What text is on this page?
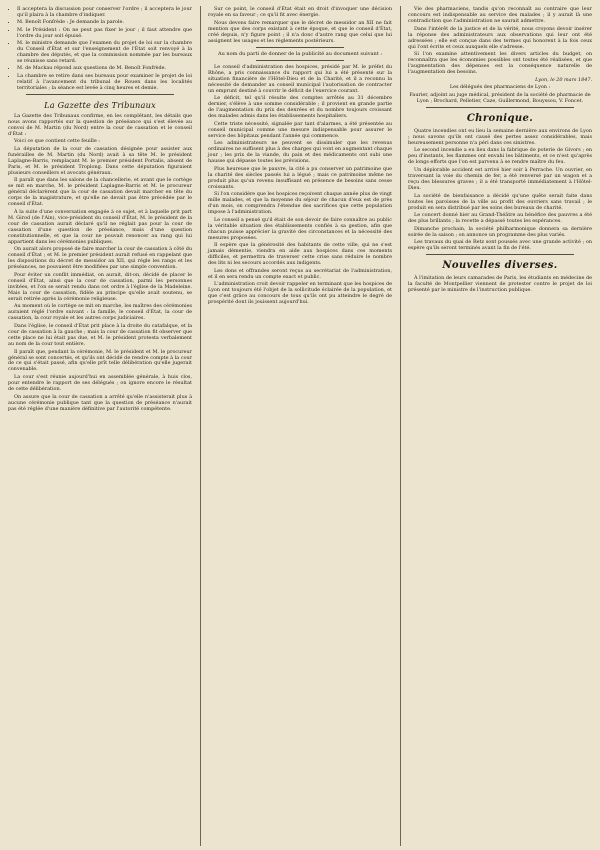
• Il acceptera la discussion pour conserver l'ordre ; il acceptera le jour qu'il plaira à la chambre d'indiquer.
• M. Benoît Fonfrède : Je demande la parole.
• M. le Président : On ne peut pas fixer le jour ; il faut attendre que l'ordre du jour soit épuisé.
• M. le ministre demande que l'examen du projet de loi sur la chambre du Conseil d'État et sur l'enseignement de l'État soit renvoyé à la chambre des députés, et que la commission nommée par les bureaux se réunisse sans retard.
• M. de Mackau répond aux questions de M. Benoît Fonfrède.
• La chambre se retire dans ses bureaux pour examiner le projet de loi relatif à l'avancement du tribunal de Rouen dans les localités territoriales ; la séance est levée à cinq heures et demie.
La Gazette des Tribunaux

La Gazette des Tribunaux confirme, en les complétant, les détails que nous avons rapportés sur la question de préséance qui s'est élevée au convoi de M. Martin (du Nord) entre la cour de cassation et le conseil d'État :

Voici ce que contient cette feuille :

La députation de la cour de cassation désignée pour assister aux funérailles de M. Martin (du Nord) avait à sa tête M. le président Laplagne-Barris, remplaçant M. le premier président Portalis, absent de Paris, et M. le président Troplong. Dans cette députation figuraient plusieurs conseillers et avocats généraux.

Il paraît que dans les salons de la chancellerie, et avant que le cortège se mit en marche, M. le président Laplagne-Barris et M. le procureur général déclarèrent que la cour de cassation devait marcher en tête du corps de la magistrature, et qu'elle ne devait pas être précédée par le conseil d'État.

À la suite d'une conversation engagée à ce sujet, et à laquelle prit part M. Girod (de l'Ain), vice-président du conseil d'État, M. le président de la cour de cassation aurait déclaré qu'il ne réglait pas pour la cour de cassation d'une question de préséance, mais d'une question constitutionnelle, et que la cour ne pouvait renoncer au rang qui lui appartient dans les cérémonies publiques.

On aurait alors proposé de faire marcher la cour de cassation à côté du conseil d'État ; et M. le premier président aurait refusé en rappelant que les dispositions du décret de messidor an XII, qui règle les rangs et les préséances, ne pouvaient être modifiées par une simple convention.

Pour éviter un conflit immédiat, on aurait, dit-on, décidé de placer le conseil d'État, ainsi que la cour de cassation, parmi les personnes invitées, et l'on se serait rendu dans cet ordre à l'église de la Madeleine. Mais la cour de cassation, fidèle au principe qu'elle avait soutenu, se serait retirée après la cérémonie religieuse.

Au moment où le cortège se mit en marche, les maîtres des cérémonies auraient réglé l'ordre suivant : la famille, le conseil d'État, la cour de cassation, la cour royale et les autres corps judiciaires.

Dans l'église, le conseil d'État prit place à la droite du catafalque, et la cour de cassation à la gauche ; mais la cour de cassation fit observer que cette place ne lui était pas due, et M. le président protesta verbalement au nom de la cour tout entière.

Il paraît que, pendant la cérémonie, M. le président et M. le procureur général se sont concertés, et qu'ils ont décidé de rendre compte à la cour de ce qui s'était passé, afin qu'elle prît telle délibération qu'elle jugerait convenable.

La cour s'est réunie aujourd'hui en assemblée générale, à huis clos, pour entendre le rapport de ses délégués ; on ignore encore le résultat de cette délibération.

On assure que la cour de cassation a arrêté qu'elle n'assisterait plus à aucune cérémonie publique tant que la question de préséance n'aurait pas été réglée d'une manière définitive par l'autorité compétente.

Sur ce point, le conseil d'État était en droit d'invoquer une décision royale en sa faveur ; ce qu'il fit avec énergie.

Nous devons faire remarquer que le décret de messidor an XII ne fait mention que des corps existant à cette époque, et que le conseil d'État, créé depuis, n'y figure point ; il n'a donc d'autre rang que celui que lui assignent les usages et les règlements postérieurs.

Au nom du parti de donner de la publicité au document suivant :

Le conseil d'administration des hospices, présidé par M. le préfet du Rhône, a pris connaissance du rapport qui lui a été présenté sur la situation financière de l'Hôtel-Dieu et de la Charité, et il a reconnu la nécessité de demander au conseil municipal l'autorisation de contracter un emprunt destiné à couvrir le déficit de l'exercice courant.

Le déficit, tel qu'il résulte des comptes arrêtés au 31 décembre dernier, s'élève à une somme considérable ; il provient en grande partie de l'augmentation du prix des denrées et du nombre toujours croissant des malades admis dans les établissements hospitaliers.

Cette triste nécessité, signalée par tant d'alarmes, a été présentée au conseil municipal comme une mesure indispensable pour assurer le service des hôpitaux pendant l'année qui commence.

Les administrateurs ne peuvent se dissimuler que les revenus ordinaires ne suffisent plus à des charges qui vont en augmentant chaque jour ; les prix de la viande, du pain et des médicaments ont subi une hausse qui dépasse toutes les prévisions.

Plus heureuse que le pauvre, la cité a pu conserver un patrimoine que la charité des siècles passés lui a légué ; mais ce patrimoine même ne produit plus qu'un revenu insuffisant en présence de besoins sans cesse croissants.

Si l'on considère que les hospices reçoivent chaque année plus de vingt mille malades, et que la moyenne du séjour de chacun d'eux est de près d'un mois, on comprendra l'étendue des sacrifices que cette population impose à l'administration.

Le conseil a pensé qu'il était de son devoir de faire connaître au public la véritable situation des établissements confiés à sa gestion, afin que chacun puisse apprécier la gravité des circonstances et la nécessité des mesures proposées.

Il espère que la générosité des habitants de cette ville, qui ne s'est jamais démentie, viendra en aide aux hospices dans ces moments difficiles, et permettra de traverser cette crise sans réduire le nombre des lits ni les secours accordés aux indigents.

Les dons et offrandes seront reçus au secrétariat de l'administration, et il en sera rendu un compte exact et public.

L'administration croit devoir rappeler en terminant que les hospices de Lyon ont toujours été l'objet de la sollicitude éclairée de la population, et que c'est grâce au concours de tous qu'ils ont pu atteindre le degré de prospérité dont ils jouissent aujourd'hui.

Vie des pharmaciens, tandis qu'on reconnaît au contraire que leur concours est indispensable au service des malades ; il y aurait là une contradiction que l'administration ne saurait admettre.

Dans l'intérêt de la justice et de la vérité, nous croyons devoir insérer la réponse des administrateurs aux observations qui leur ont été adressées ; elle est conçue dans des termes qui honorent à la fois ceux qui l'ont écrite et ceux auxquels elle s'adresse.

Si l'on examine attentivement les divers articles du budget, on reconnaîtra que les économies possibles ont toutes été réalisées, et que l'augmentation des dépenses est la conséquence naturelle de l'augmentation des besoins.

Lyon, le 20 mars 1847.

Les délégués des pharmaciens de Lyon :

Faurier, adjoint au juge médical, président de la société de pharmacie de Lyon ; Brochard, Pelletier, Caze, Guillermond, Bouyssou, V. Foncet.

Chronique.

Quatre incendies ont eu lieu la semaine dernière aux environs de Lyon ; nous savons qu'ils ont causé des pertes assez considérables, mais heureusement personne n'a péri dans ces sinistres.

Le second incendie a eu lieu dans la fabrique de poterie de Givors ; en peu d'instants, les flammes ont envahi les bâtiments, et ce n'est qu'après de longs efforts que l'on est parvenu à se rendre maître du feu.

Un déplorable accident est arrivé hier soir à Perrache. Un ouvrier, en traversant la voie du chemin de fer, a été renversé par un wagon et a reçu des blessures graves ; il a été transporté immédiatement à l'Hôtel-Dieu.

La société de bienfaisance a décidé qu'une quête serait faite dans toutes les paroisses de la ville au profit des ouvriers sans travail ; le produit en sera distribué par les soins des bureaux de charité.

Le concert donné hier au Grand-Théâtre au bénéfice des pauvres a été des plus brillants ; la recette a dépassé toutes les espérances.

Dimanche prochain, la société philharmonique donnera sa dernière soirée de la saison ; on annonce un programme des plus variés.

Les travaux du quai de Retz sont poussés avec une grande activité ; on espère qu'ils seront terminés avant la fin de l'été.

Nouvelles diverses.

À l'imitation de leurs camarades de Paris, les étudiants en médecine de la faculté de Montpellier viennent de protester contre le projet de loi présenté par le ministre de l'instruction publique.
